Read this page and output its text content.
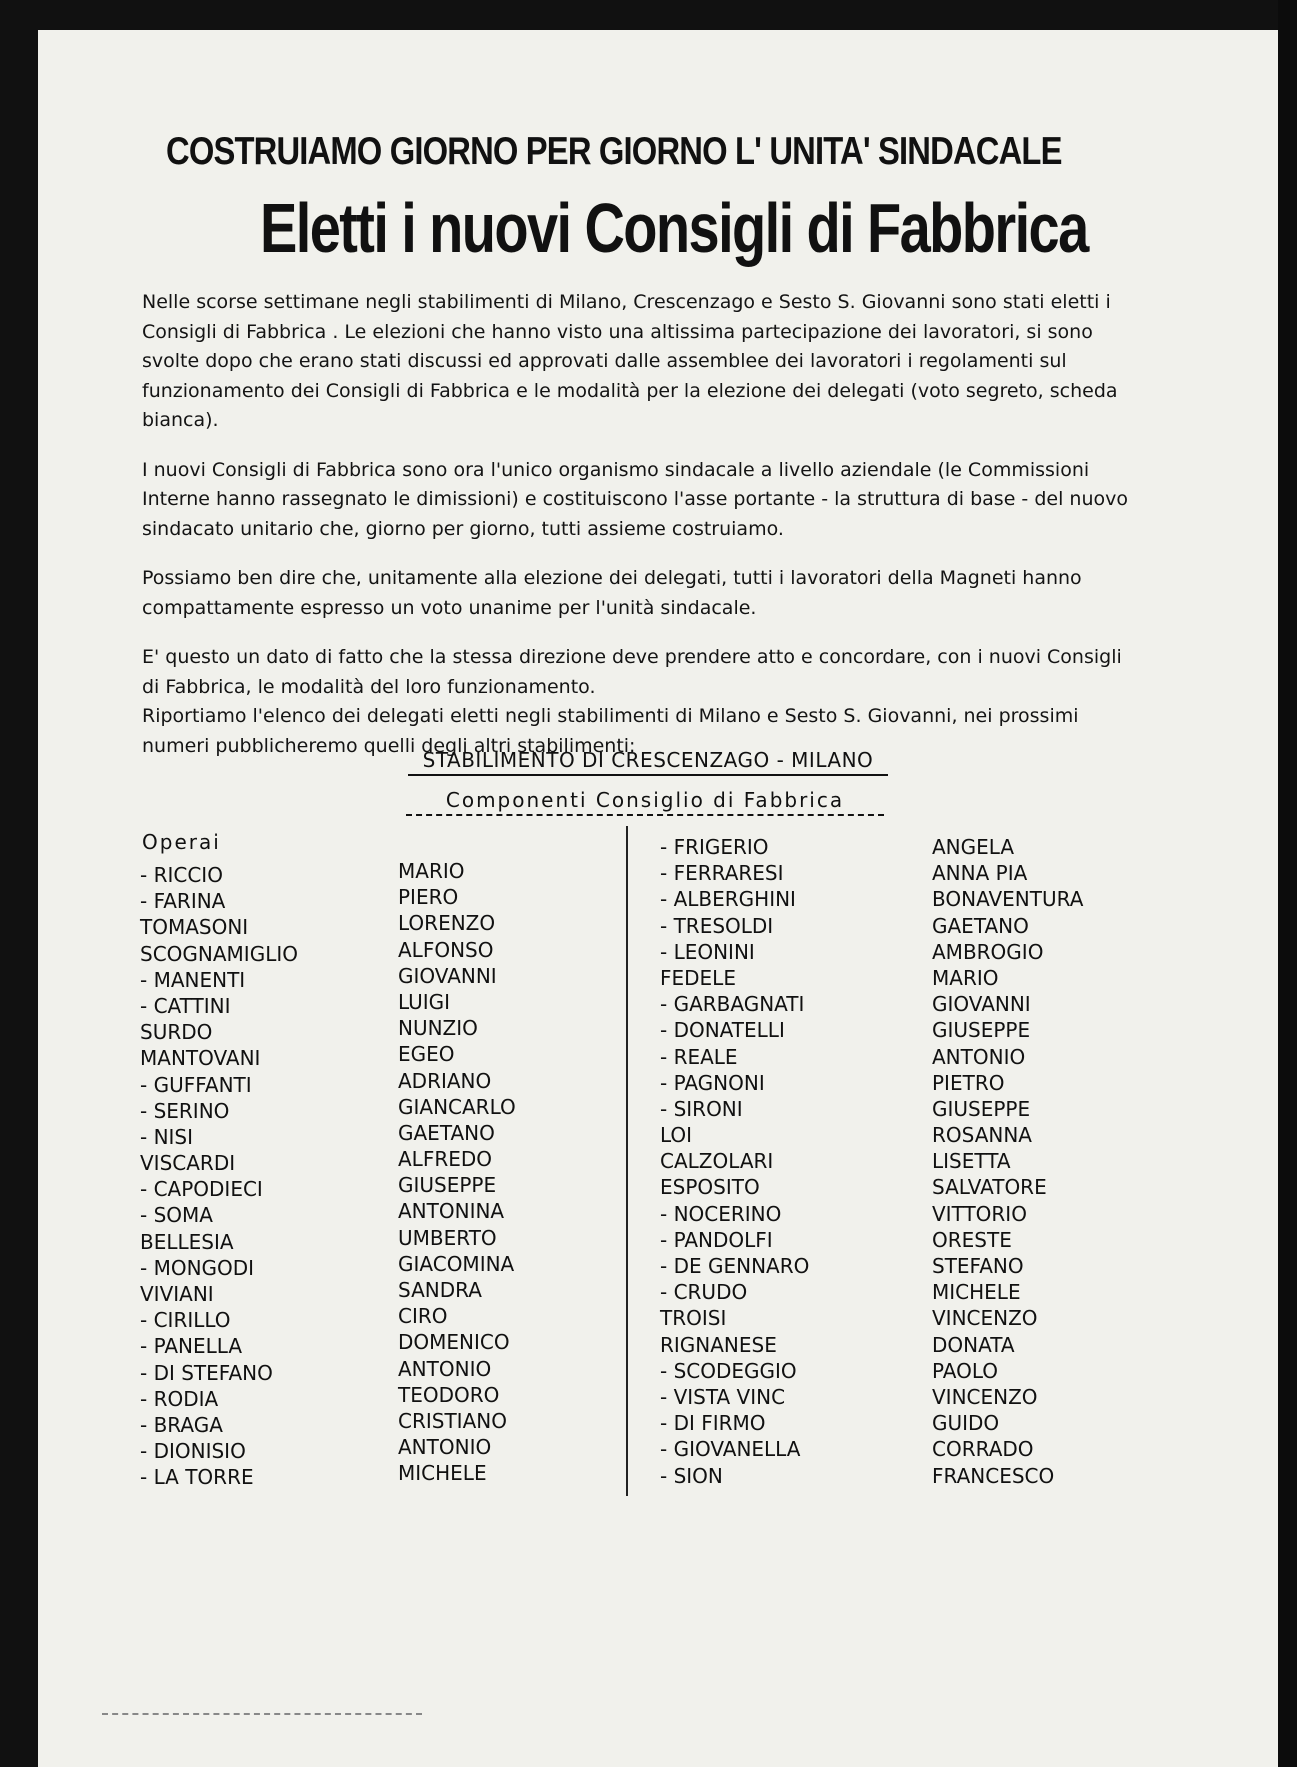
COSTRUIAMO GIORNO PER GIORNO L' UNITA' SINDACALE
Eletti i nuovi Consigli di Fabbrica

Nelle scorse settimane negli stabilimenti di Milano, Crescenzago e Sesto S. Giovanni sono stati eletti i Consigli di Fabbrica . Le elezioni che hanno visto una altissima partecipazione dei lavoratori, si sono svolte dopo che erano stati discussi ed approvati dalle assemblee dei lavoratori i regolamenti sul funzionamento dei Consigli di Fabbrica e le modalità per la elezione dei delegati (voto segreto, scheda bianca).

I nuovi Consigli di Fabbrica sono ora l'unico organismo sindacale a livello aziendale (le Commissioni Interne hanno rassegnato le dimissioni) e costituiscono l'asse portante - la struttura di base - del nuovo sindacato unitario che, giorno per giorno, tutti assieme costruiamo.

Possiamo ben dire che, unitamente alla elezione dei delegati, tutti i lavoratori della Magneti hanno compattamente espresso un voto unanime per l'unità sindacale.

E' questo un dato di fatto che la stessa direzione deve prendere atto e concordare, con i nuovi Consigli di Fabbrica, le modalità del loro funzionamento.

Riportiamo l'elenco dei delegati eletti negli stabilimenti di Milano e Sesto S. Giovanni, nei prossimi numeri pubblicheremo quelli degli altri stabilimenti:

STABILIMENTO DI CRESCENZAGO - MILANO
Componenti Consiglio di Fabbrica
Operai
- RICCIO
- FARINA
TOMASONI
SCOGNAMIGLIO
- MANENTI
- CATTINI
SURDO
MANTOVANI
- GUFFANTI
- SERINO
- NISI
VISCARDI
- CAPODIECI
- SOMA
BELLESIA
- MONGODI
VIVIANI
- CIRILLO
- PANELLA
- DI STEFANO
- RODIA
- BRAGA
- DIONISIO
- LA TORRE
MARIO
PIERO
LORENZO
ALFONSO
GIOVANNI
LUIGI
NUNZIO
EGEO
ADRIANO
GIANCARLO
GAETANO
ALFREDO
GIUSEPPE
ANTONINA
UMBERTO
GIACOMINA
SANDRA
CIRO
DOMENICO
ANTONIO
TEODORO
CRISTIANO
ANTONIO
MICHELE
- FRIGERIO
- FERRARESI
- ALBERGHINI
- TRESOLDI
- LEONINI
FEDELE
- GARBAGNATI
- DONATELLI
- REALE
- PAGNONI
- SIRONI
LOI
CALZOLARI
ESPOSITO
- NOCERINO
- PANDOLFI
- DE GENNARO
- CRUDO
TROISI
RIGNANESE
- SCODEGGIO
- VISTA VINC
- DI FIRMO
- GIOVANELLA
- SION
ANGELA
ANNA PIA
BONAVENTURA
GAETANO
AMBROGIO
MARIO
GIOVANNI
GIUSEPPE
ANTONIO
PIETRO
GIUSEPPE
ROSANNA
LISETTA
SALVATORE
VITTORIO
ORESTE
STEFANO
MICHELE
VINCENZO
DONATA
PAOLO
VINCENZO
GUIDO
CORRADO
FRANCESCO
